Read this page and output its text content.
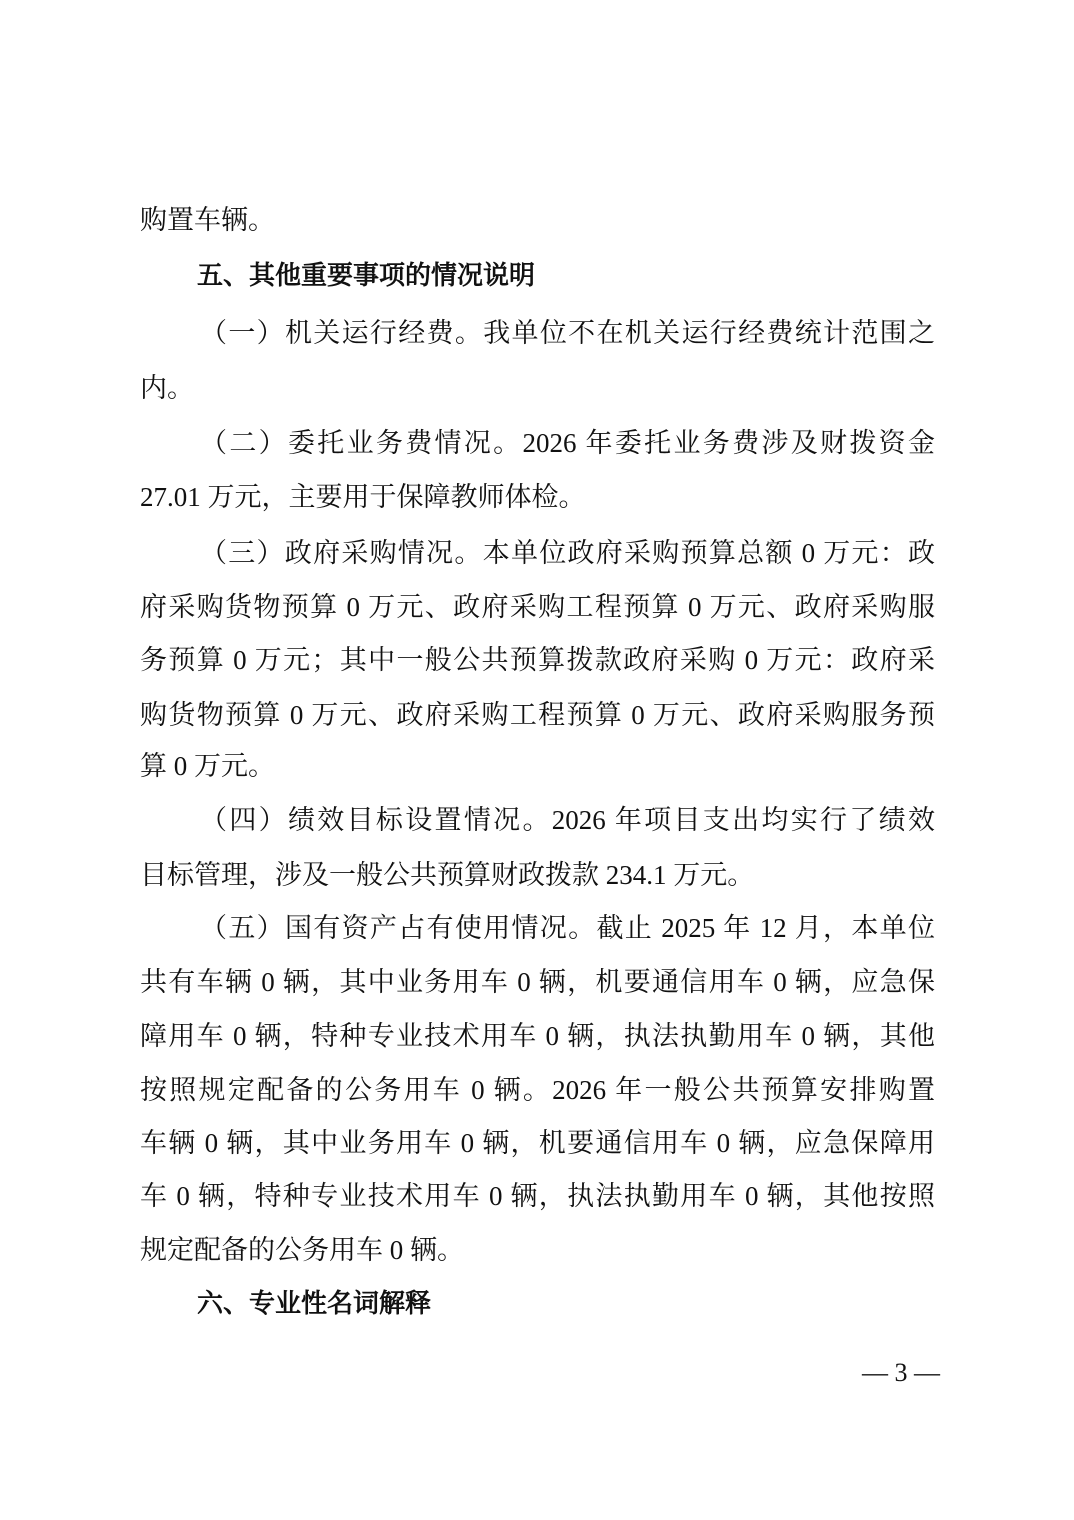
购置车辆。
五、其他重要事项的情况说明
（一）机关运行经费。我单位不在机关运行经费统计范围之
内。
（二）委托业务费情况。2026 年委托业务费涉及财拨资金
27.01 万元，主要用于保障教师体检。
（三）政府采购情况。本单位政府采购预算总额 0 万元：政
府采购货物预算 0 万元、政府采购工程预算 0 万元、政府采购服
务预算 0 万元；其中一般公共预算拨款政府采购 0 万元：政府采
购货物预算 0 万元、政府采购工程预算 0 万元、政府采购服务预
算 0 万元。
（四）绩效目标设置情况。2026 年项目支出均实行了绩效
目标管理，涉及一般公共预算财政拨款 234.1 万元。
（五）国有资产占有使用情况。截止 2025 年 12 月，本单位
共有车辆 0 辆，其中业务用车 0 辆，机要通信用车 0 辆，应急保
障用车 0 辆，特种专业技术用车 0 辆，执法执勤用车 0 辆，其他
按照规定配备的公务用车 0 辆。2026 年一般公共预算安排购置
车辆 0 辆，其中业务用车 0 辆，机要通信用车 0 辆，应急保障用
车 0 辆，特种专业技术用车 0 辆，执法执勤用车 0 辆，其他按照
规定配备的公务用车 0 辆。
六、专业性名词解释
— 3 —
